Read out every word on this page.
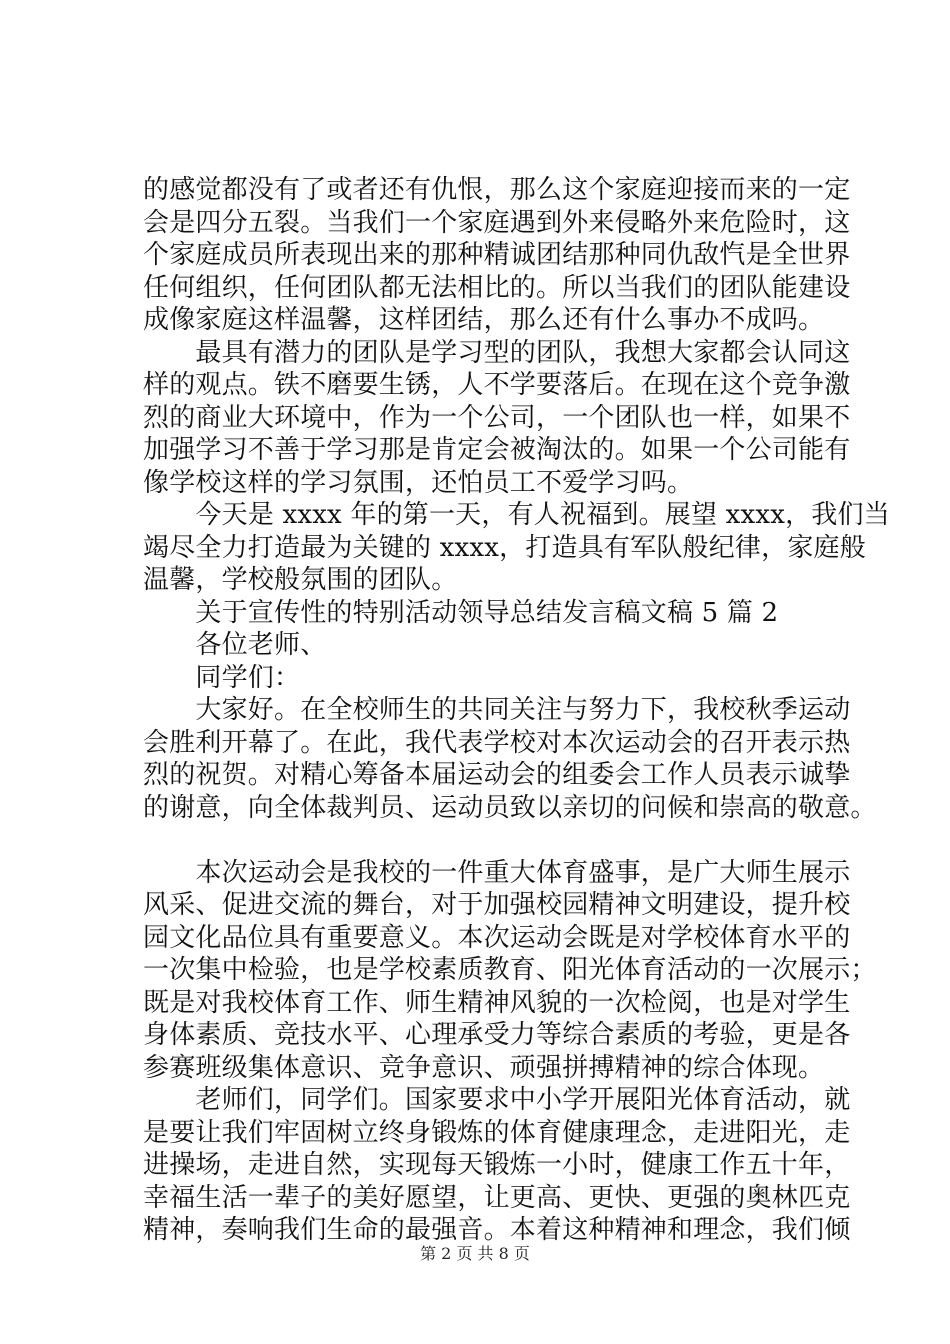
的感觉都没有了或者还有仇恨，那么这个家庭迎接而来的一定
会是四分五裂。当我们一个家庭遇到外来侵略外来危险时，这
个家庭成员所表现出来的那种精诚团结那种同仇敌忾是全世界
任何组织，任何团队都无法相比的。所以当我们的团队能建设
成像家庭这样温馨，这样团结，那么还有什么事办不成吗。
　　最具有潜力的团队是学习型的团队，我想大家都会认同这
样的观点。铁不磨要生锈，人不学要落后。在现在这个竞争激
烈的商业大环境中，作为一个公司，一个团队也一样，如果不
加强学习不善于学习那是肯定会被淘汰的。如果一个公司能有
像学校这样的学习氛围，还怕员工不爱学习吗。
　　今天是 xxxx 年的第一天，有人祝福到。展望 xxxx，我们当
竭尽全力打造最为关键的 xxxx，打造具有军队般纪律，家庭般
温馨，学校般氛围的团队。
　　关于宣传性的特别活动领导总结发言稿文稿 5 篇 2
　　各位老师、
　　同学们：
　　大家好。在全校师生的共同关注与努力下，我校秋季运动
会胜利开幕了。在此，我代表学校对本次运动会的召开表示热
烈的祝贺。对精心筹备本届运动会的组委会工作人员表示诚挚
的谢意，向全体裁判员、运动员致以亲切的问候和崇高的敬意。
　　本次运动会是我校的一件重大体育盛事，是广大师生展示
风采、促进交流的舞台，对于加强校园精神文明建设，提升校
园文化品位具有重要意义。本次运动会既是对学校体育水平的
一次集中检验，也是学校素质教育、阳光体育活动的一次展示；
既是对我校体育工作、师生精神风貌的一次检阅，也是对学生
身体素质、竞技水平、心理承受力等综合素质的考验，更是各
参赛班级集体意识、竞争意识、顽强拼搏精神的综合体现。
　　老师们，同学们。国家要求中小学开展阳光体育活动，就
是要让我们牢固树立终身锻炼的体育健康理念，走进阳光，走
进操场，走进自然，实现每天锻炼一小时，健康工作五十年，
幸福生活一辈子的美好愿望，让更高、更快、更强的奥林匹克
精神，奏响我们生命的最强音。本着这种精神和理念，我们倾
第 2 页 共 8 页
